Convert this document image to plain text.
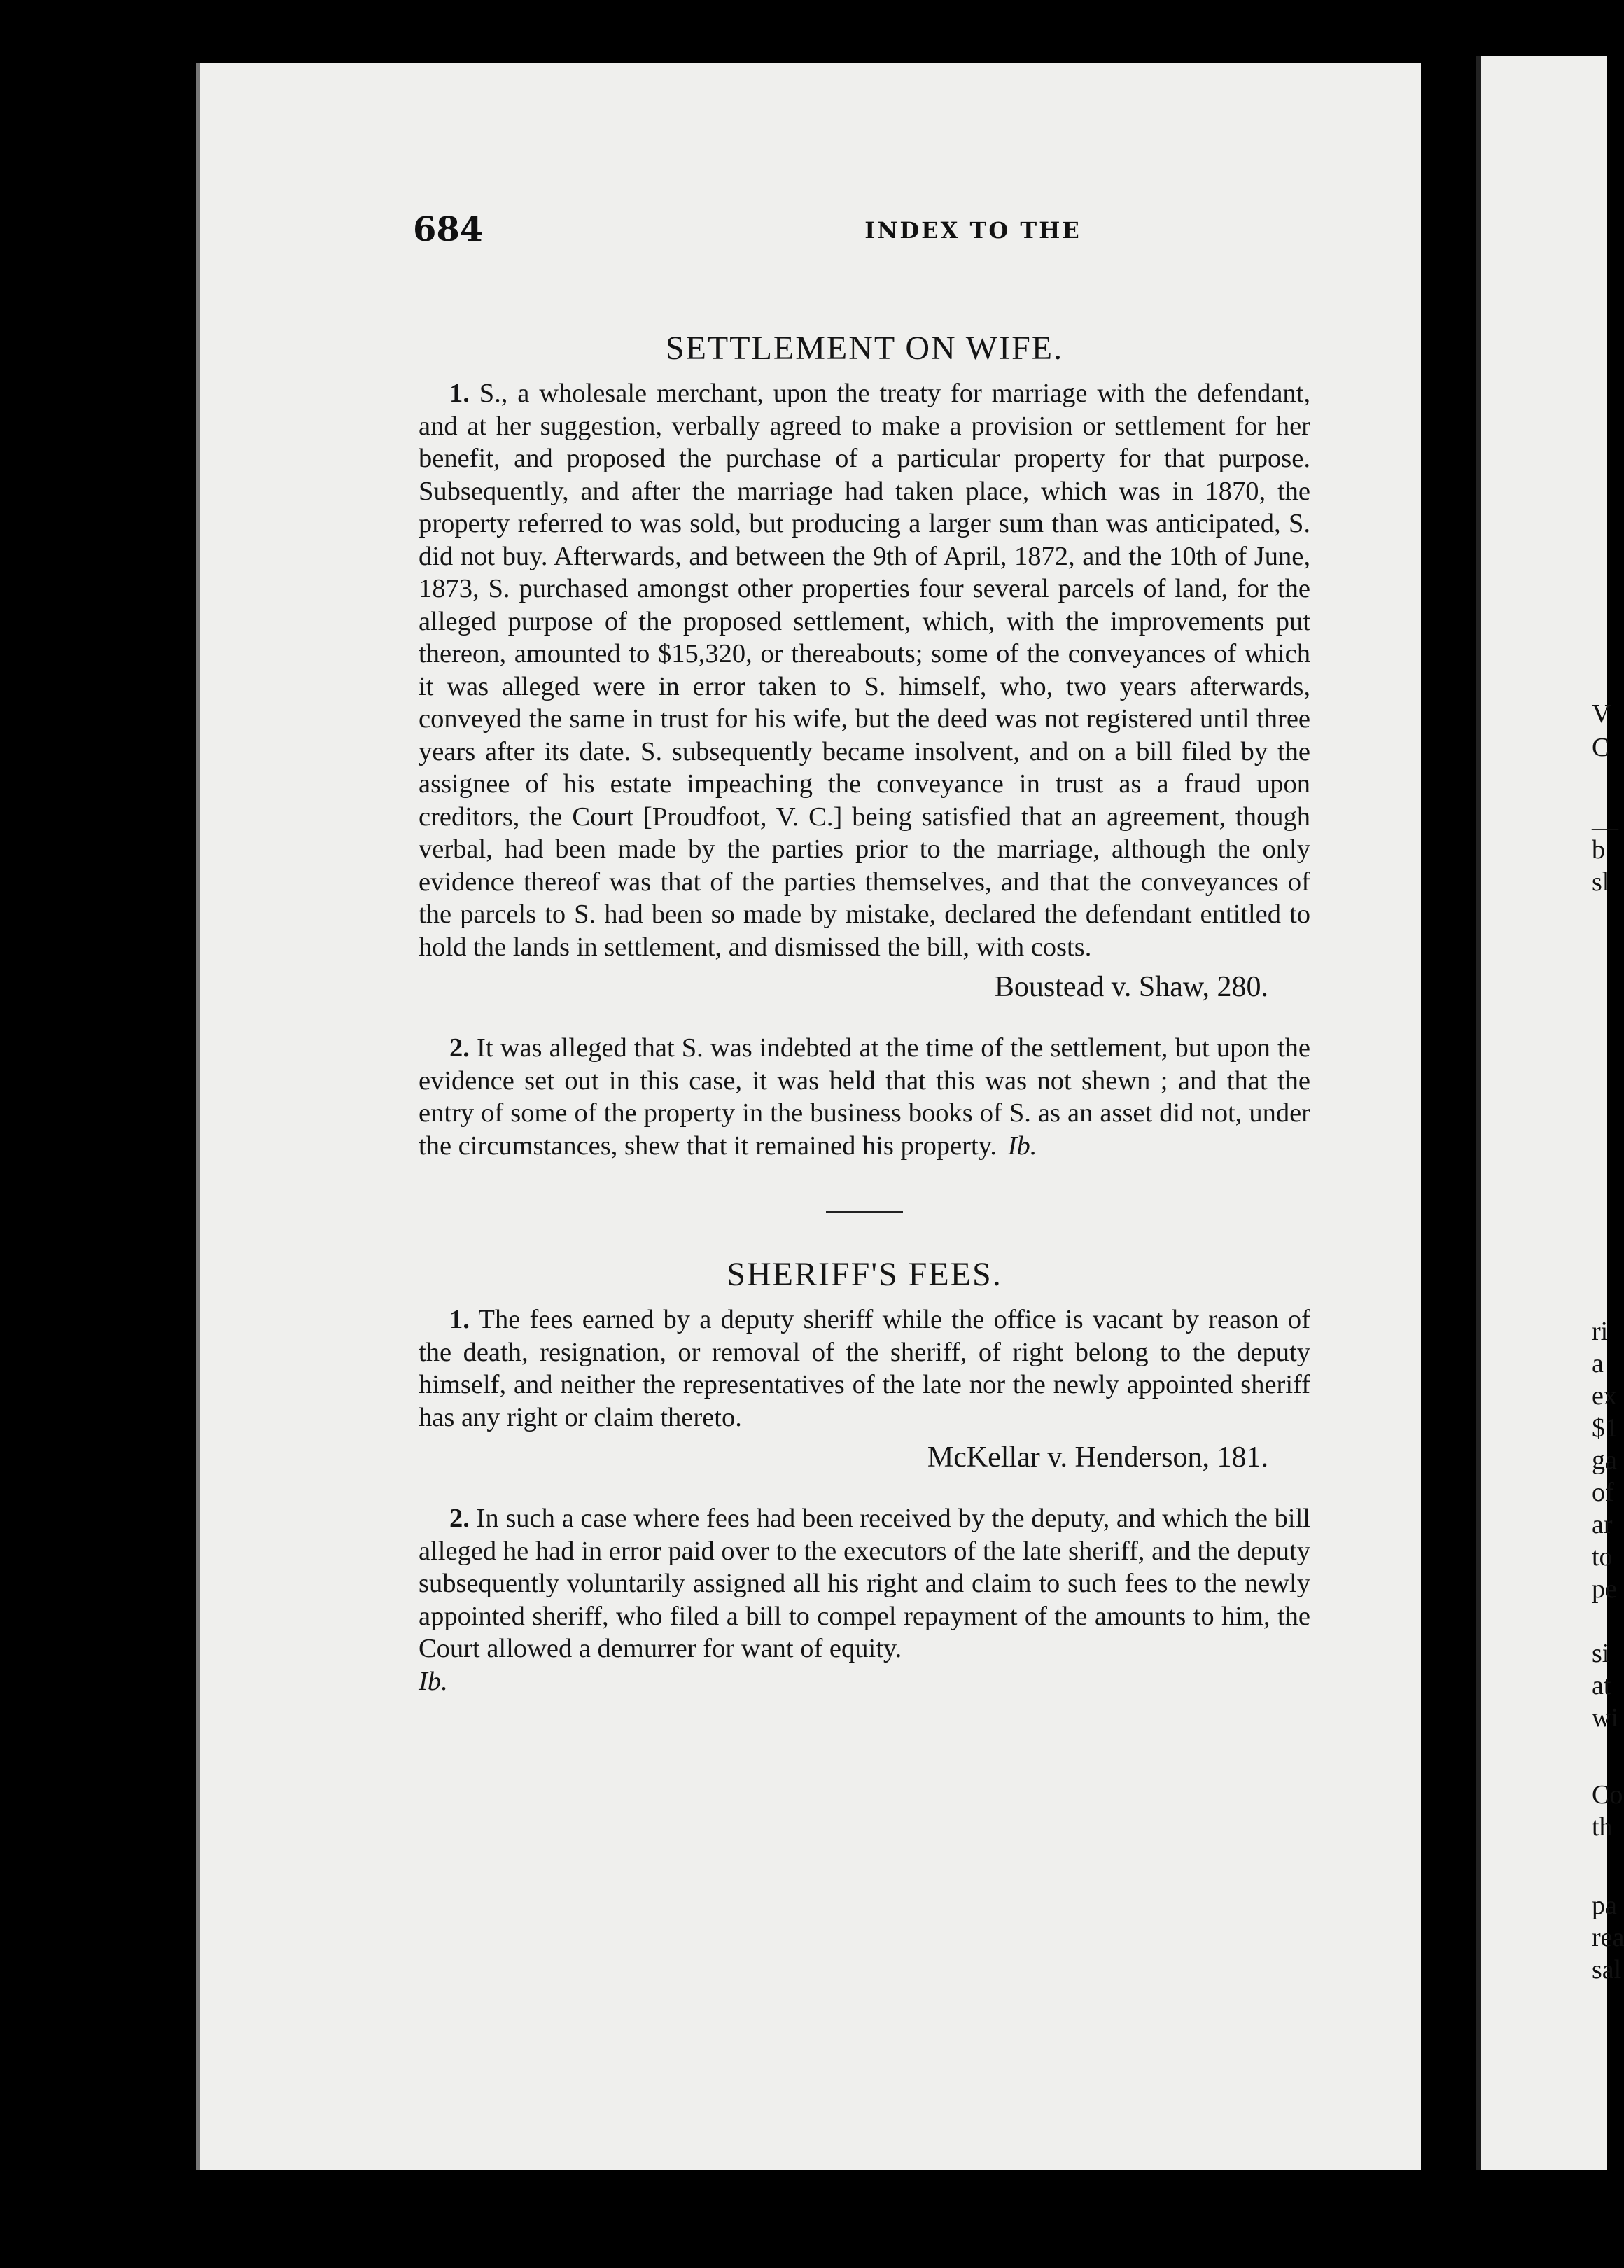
V
C
—
b
sl
ri
a
ex
$1
ga
of
ar
to
pe
si
at
wi
Co
th
pa
rea
sal
684	INDEX TO THE
SETTLEMENT ON WIFE.

1. S., a wholesale merchant, upon the treaty for marriage with the defendant, and at her suggestion, verbally agreed to make a provision or settlement for her benefit, and proposed the purchase of a particular property for that purpose. Subsequently, and after the marriage had taken place, which was in 1870, the property referred to was sold, but producing a larger sum than was anticipated, S. did not buy. Afterwards, and between the 9th of April, 1872, and the 10th of June, 1873, S. purchased amongst other properties four several parcels of land, for the alleged purpose of the proposed settlement, which, with the improvements put thereon, amounted to $15,320, or thereabouts; some of the conveyances of which it was alleged were in error taken to S. himself, who, two years afterwards, conveyed the same in trust for his wife, but the deed was not registered until three years after its date. S. subsequently became insolvent, and on a bill filed by the assignee of his estate impeaching the conveyance in trust as a fraud upon creditors, the Court [Proudfoot, V. C.] being satisfied that an agreement, though verbal, had been made by the parties prior to the marriage, although the only evidence thereof was that of the parties themselves, and that the conveyances of the parcels to S. had been so made by mistake, declared the defendant entitled to hold the lands in settlement, and dismissed the bill, with costs.

Boustead v. Shaw, 280.

2. It was alleged that S. was indebted at the time of the settlement, but upon the evidence set out in this case, it was held that this was not shewn ; and that the entry of some of the property in the business books of S. as an asset did not, under the circumstances, shew that it remained his property. Ib.

SHERIFF'S FEES.

1. The fees earned by a deputy sheriff while the office is vacant by reason of the death, resignation, or removal of the sheriff, of right belong to the deputy himself, and neither the representatives of the late nor the newly appointed sheriff has any right or claim thereto.

McKellar v. Henderson, 181.

2. In such a case where fees had been received by the deputy, and which the bill alleged he had in error paid over to the executors of the late sheriff, and the deputy subsequently voluntarily assigned all his right and claim to such fees to the newly appointed sheriff, who filed a bill to compel repayment of the amounts to him, the Court allowed a demurrer for want of equity.

Ib.
